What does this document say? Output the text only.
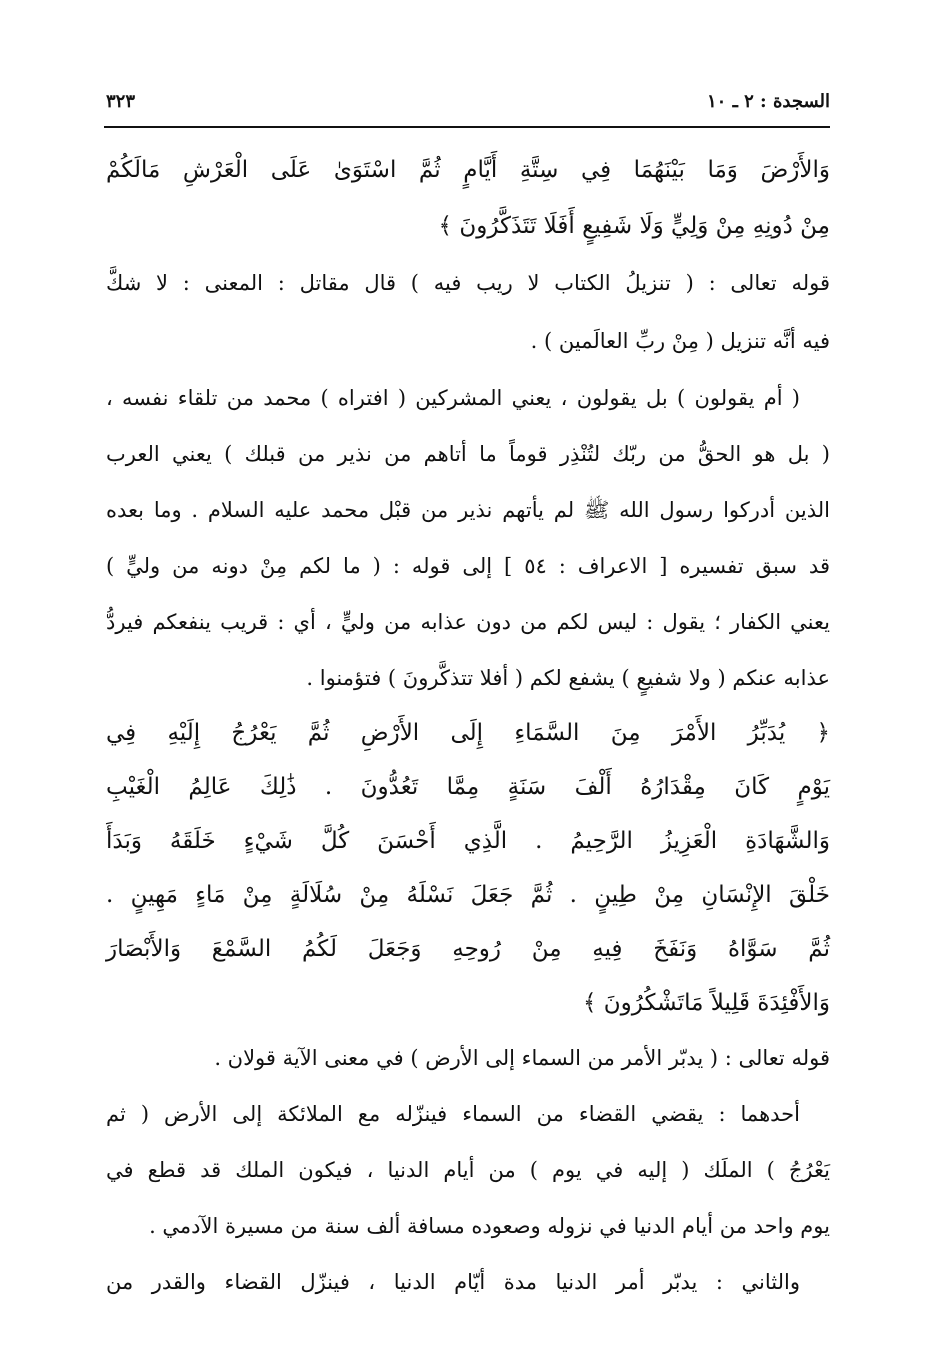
السجدة : ٢ ـ ١٠
٣٢٣
وَالأَرْضَ وَمَا بَيْنَهُمَا فِي سِتَّةِ أَيَّامٍ ثُمَّ اسْتَوَىٰ عَلَى الْعَرْشِ مَالَكُمْ
مِنْ دُونِهِ مِنْ وَلِيٍّ وَلَا شَفِيعٍ أَفَلَا تَتَذَكَّرُونَ ﴾
قوله تعالى : ( تنزيلُ الكتاب لا ريب فيه ) قال مقاتل : المعنى : لا شكَّ
فيه أنَّه تنزيل ( مِنْ ربِّ العالَمين ) .
( أم يقولون ) بل يقولون ، يعني المشركين ( افتراه ) محمد من تلقاء نفسه ،
( بل هو الحقُّ من ربّك لتُنْذِر قوماً ما أتاهم من نذير من قبلك ) يعني العرب
الذين أدركوا رسول الله ﷺ لم يأتهم نذير من قبْل محمد عليه السلام . وما بعده
قد سبق تفسيره [ الاعراف : ٥٤ ] إلى قوله : ( ما لكم مِنْ دونه من وليٍّ )
يعني الكفار ؛ يقول : ليس لكم من دون عذابه من وليٍّ ، أي : قريب ينفعكم فيردُّ
عذابه عنكم ( ولا شفيعٍ ) يشفع لكم ( أفلا تتذكَّرونَ ) فتؤمنوا .
﴿ يُدَبِّرُ الأَمْرَ مِنَ السَّمَاءِ إِلَى الأَرْضِ ثُمَّ يَعْرُجُ إِلَيْهِ فِي
يَوْمٍ كَانَ مِقْدَارُهُ أَلْفَ سَنَةٍ مِمَّا تَعُدُّونَ . ذَٰلِكَ عَالِمُ الْغَيْبِ
وَالشَّهَادَةِ الْعَزِيزُ الرَّحِيمُ . الَّذِي أَحْسَنَ كُلَّ شَيْءٍ خَلَقَهُ وَبَدَأَ
خَلْقَ الإِنْسَانِ مِنْ طِينٍ . ثُمَّ جَعَلَ نَسْلَهُ مِنْ سُلَالَةٍ مِنْ مَاءٍ مَهِينٍ .
ثُمَّ سَوَّاهُ وَنَفَخَ فِيهِ مِنْ رُوحِهِ وَجَعَلَ لَكُمُ السَّمْعَ وَالأَبْصَارَ
وَالأَفْئِدَةَ قَلِيلاً مَاتَشْكُرُونَ ﴾
قوله تعالى : ( يدبّر الأمر من السماء إلى الأرض ) في معنى الآية قولان .
أحدهما : يقضي القضاء من السماء فينزّله مع الملائكة إلى الأرض ( ثم
يَعْرُجُ ) الملَك ( إليه في يوم ) من أيام الدنيا ، فيكون الملك قد قطع في
يوم واحد من أيام الدنيا في نزوله وصعوده مسافة ألف سنة من مسيرة الآدمي .
والثاني : يدبّر أمر الدنيا مدة أيّام الدنيا ، فينزّل القضاء والقدر من
